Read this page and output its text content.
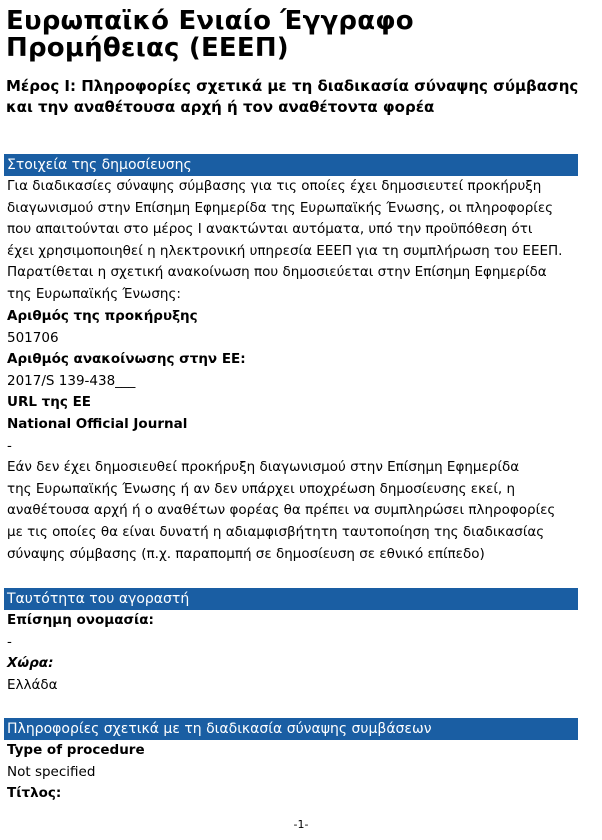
Ευρωπαϊκό Ενιαίο Έγγραφο Προμήθειας (ΕΕΕΠ)
Μέρος I: Πληροφορίες σχετικά με τη διαδικασία σύναψης σύμβασης και την αναθέτουσα αρχή ή τον αναθέτοντα φορέα
Στοιχεία της δημοσίευσης
Για διαδικασίες σύναψης σύμβασης για τις οποίες έχει δημοσιευτεί προκήρυξη
διαγωνισμού στην Επίσημη Εφημερίδα της Ευρωπαϊκής Ένωσης, οι πληροφορίες
που απαιτούνται στο μέρος I ανακτώνται αυτόματα, υπό την προϋπόθεση ότι
έχει χρησιμοποιηθεί η ηλεκτρονική υπηρεσία ΕΕΕΠ για τη συμπλήρωση του ΕΕΕΠ.
Παρατίθεται η σχετική ανακοίνωση που δημοσιεύεται στην Επίσημη Εφημερίδα
της Ευρωπαϊκής Ένωσης:
Αριθμός της προκήρυξης
501706
Αριθμός ανακοίνωσης στην ΕΕ:
2017/S 139-438___
URL της ΕΕ
National Official Journal
-
Εάν δεν έχει δημοσιευθεί προκήρυξη διαγωνισμού στην Επίσημη Εφημερίδα
της Ευρωπαϊκής Ένωσης ή αν δεν υπάρχει υποχρέωση δημοσίευσης εκεί, η
αναθέτουσα αρχή ή ο αναθέτων φορέας θα πρέπει να συμπληρώσει πληροφορίες
με τις οποίες θα είναι δυνατή η αδιαμφισβήτητη ταυτοποίηση της διαδικασίας
σύναψης σύμβασης (π.χ. παραπομπή σε δημοσίευση σε εθνικό επίπεδο)
Ταυτότητα του αγοραστή
Επίσημη ονομασία:
-
Χώρα:
Ελλάδα
Πληροφορίες σχετικά με τη διαδικασία σύναψης συμβάσεων
Type of procedure
Not specified
Τίτλος:
-1-
